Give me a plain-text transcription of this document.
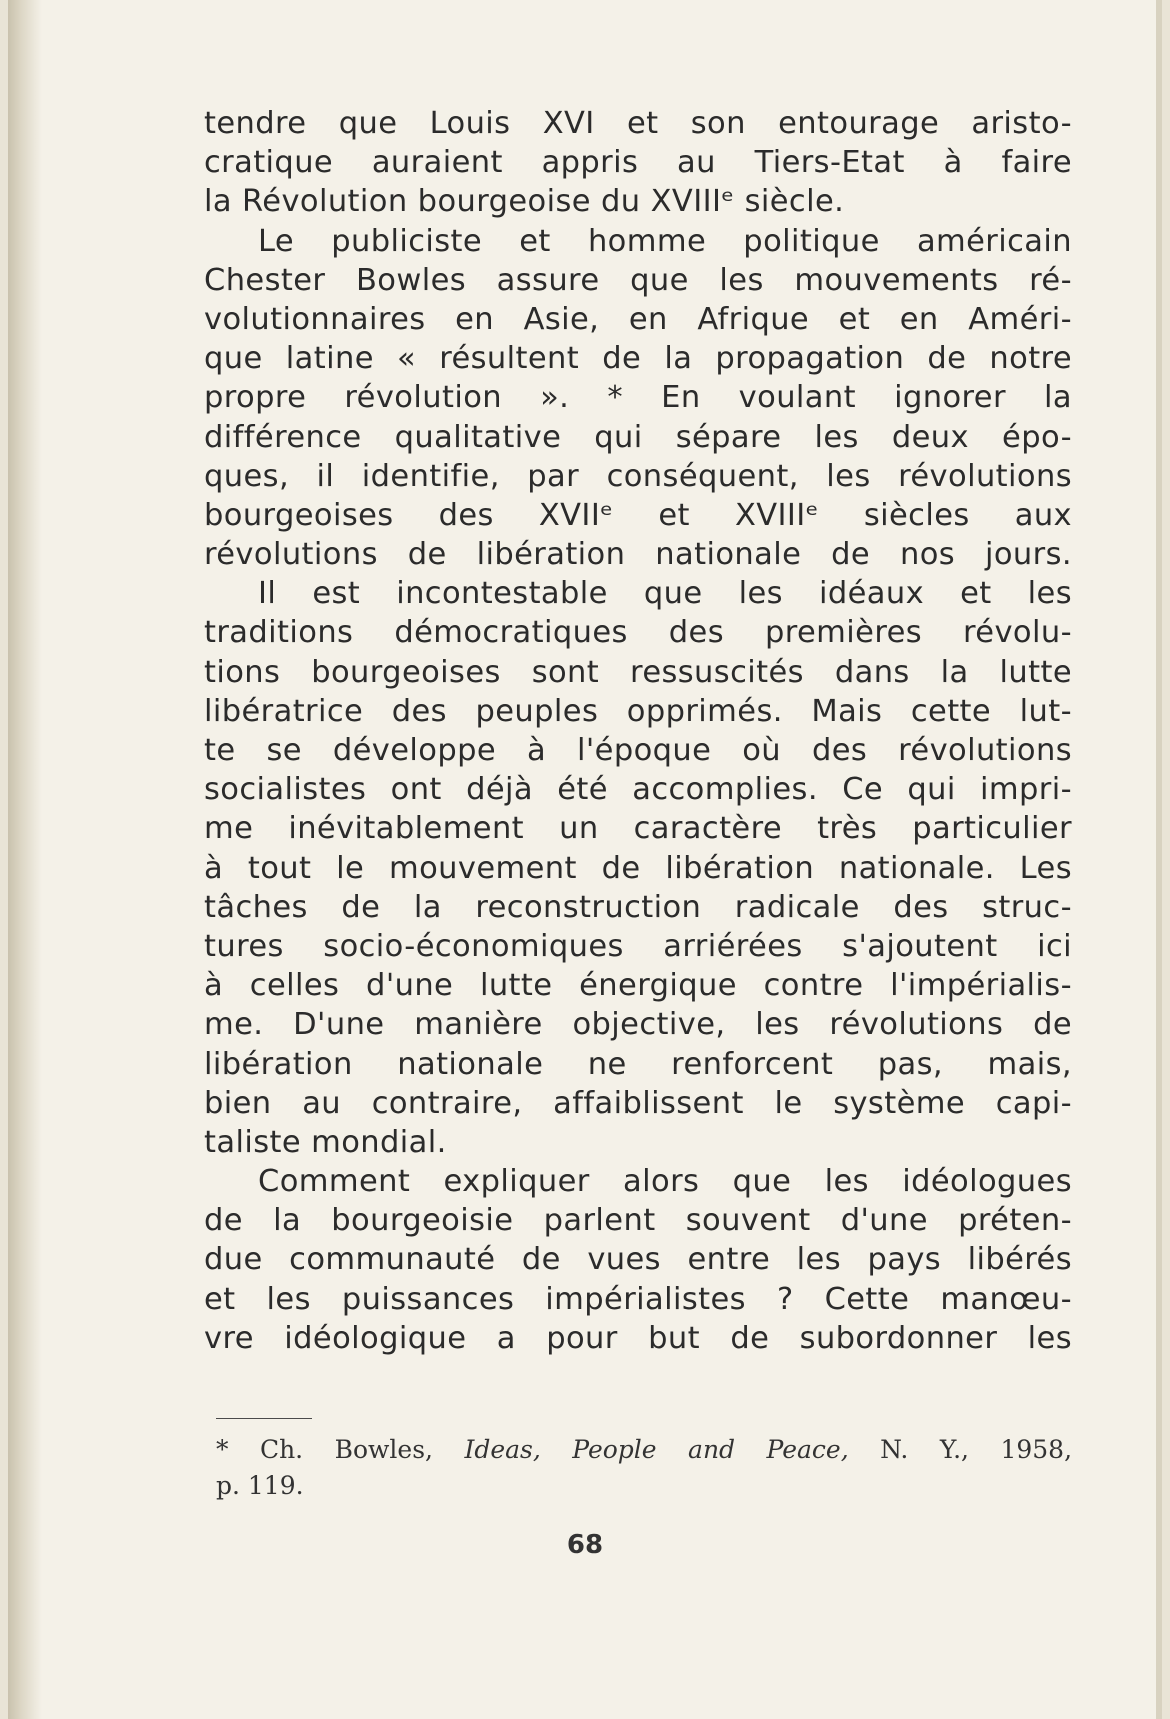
tendre que Louis XVI et son entourage aristo-
cratique auraient appris au Tiers-Etat à faire
la Révolution bourgeoise du XVIIIᵉ siècle.
Le publiciste et homme politique américain
Chester Bowles assure que les mouvements ré-
volutionnaires en Asie, en Afrique et en Améri-
que latine « résultent de la propagation de notre
propre révolution ». * En voulant ignorer la
différence qualitative qui sépare les deux épo-
ques, il identifie, par conséquent, les révolutions
bourgeoises des XVIIᵉ et XVIIIᵉ siècles aux
révolutions de libération nationale de nos jours.
Il est incontestable que les idéaux et les
traditions démocratiques des premières révolu-
tions bourgeoises sont ressuscités dans la lutte
libératrice des peuples opprimés. Mais cette lut-
te se développe à l'époque où des révolutions
socialistes ont déjà été accomplies. Ce qui impri-
me inévitablement un caractère très particulier
à tout le mouvement de libération nationale. Les
tâches de la reconstruction radicale des struc-
tures socio-économiques arriérées s'ajoutent ici
à celles d'une lutte énergique contre l'impérialis-
me. D'une manière objective, les révolutions de
libération nationale ne renforcent pas, mais,
bien au contraire, affaiblissent le système capi-
taliste mondial.
Comment expliquer alors que les idéologues
de la bourgeoisie parlent souvent d'une préten-
due communauté de vues entre les pays libérés
et les puissances impérialistes ? Cette manœu-
vre idéologique a pour but de subordonner les
* Ch. Bowles, Ideas, People and Peace, N. Y., 1958,
p. 119.
68
